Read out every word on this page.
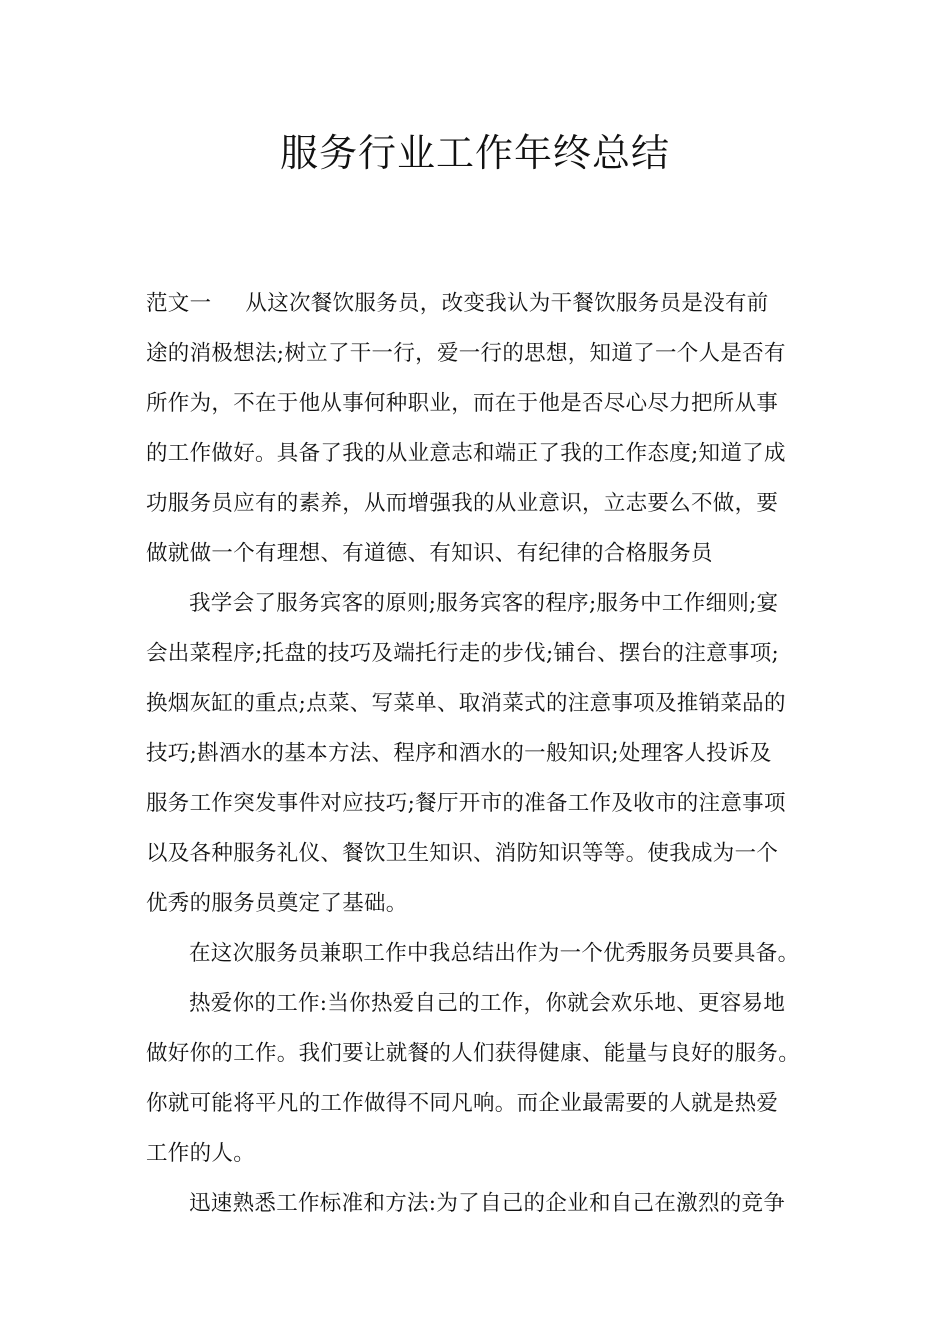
服务行业工作年终总结
范文一 从这次餐饮服务员，改变我认为干餐饮服务员是没有前
途的消极想法;树立了干一行，爱一行的思想，知道了一个人是否有
所作为，不在于他从事何种职业，而在于他是否尽心尽力把所从事
的工作做好。具备了我的从业意志和端正了我的工作态度;知道了成
功服务员应有的素养，从而增强我的从业意识，立志要么不做，要
做就做一个有理想、有道德、有知识、有纪律的合格服务员
我学会了服务宾客的原则;服务宾客的程序;服务中工作细则;宴
会出菜程序;托盘的技巧及端托行走的步伐;铺台、摆台的注意事项;
换烟灰缸的重点;点菜、写菜单、取消菜式的注意事项及推销菜品的
技巧;斟酒水的基本方法、程序和酒水的一般知识;处理客人投诉及
服务工作突发事件对应技巧;餐厅开市的准备工作及收市的注意事项
以及各种服务礼仪、餐饮卫生知识、消防知识等等。使我成为一个
优秀的服务员奠定了基础。
在这次服务员兼职工作中我总结出作为一个优秀服务员要具备。
热爱你的工作:当你热爱自己的工作，你就会欢乐地、更容易地
做好你的工作。我们要让就餐的人们获得健康、能量与良好的服务。
你就可能将平凡的工作做得不同凡响。而企业最需要的人就是热爱
工作的人。
迅速熟悉工作标准和方法:为了自己的企业和自己在激烈的竞争
